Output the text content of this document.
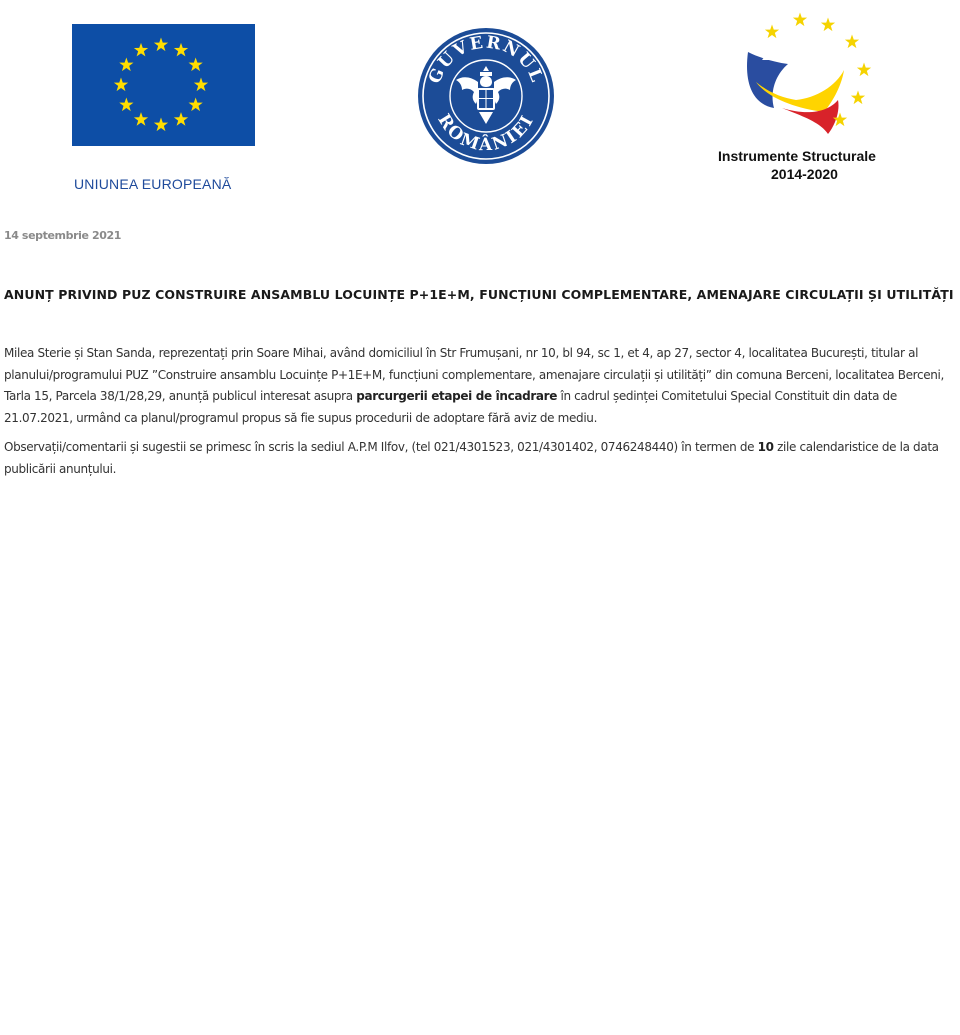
UNIUNEA EUROPEANĂ
GUVERNUL
ROMÂNIEI
Instrumente Structurale
2014-2020
14 septembrie 2021
ANUNȚ PRIVIND PUZ CONSTRUIRE ANSAMBLU LOCUINȚE P+1E+M, FUNCȚIUNI COMPLEMENTARE, AMENAJARE CIRCULAȚII ȘI UTILITĂȚI

Milea Sterie și Stan Sanda, reprezentați prin Soare Mihai, având domiciliul în Str Frumușani, nr 10, bl 94, sc 1, et 4, ap 27, sector 4, localitatea București, titular al planului/programului PUZ ”Construire ansamblu Locuințe P+1E+M, funcțiuni complementare, amenajare circulații și utilități” din comuna Berceni, localitatea Berceni, Tarla 15, Parcela 38/1/28,29, anunță publicul interesat asupra parcurgerii etapei de încadrare în cadrul ședinței Comitetului Special Constituit din data de 21.07.2021, urmând ca planul/programul propus să fie supus procedurii de adoptare fără aviz de mediu.

Observații/comentarii și sugestii se primesc în scris la sediul A.P.M Ilfov, (tel 021/4301523, 021/4301402, 0746248440) în termen de 10 zile calendaristice de la data publicării anunțului.
